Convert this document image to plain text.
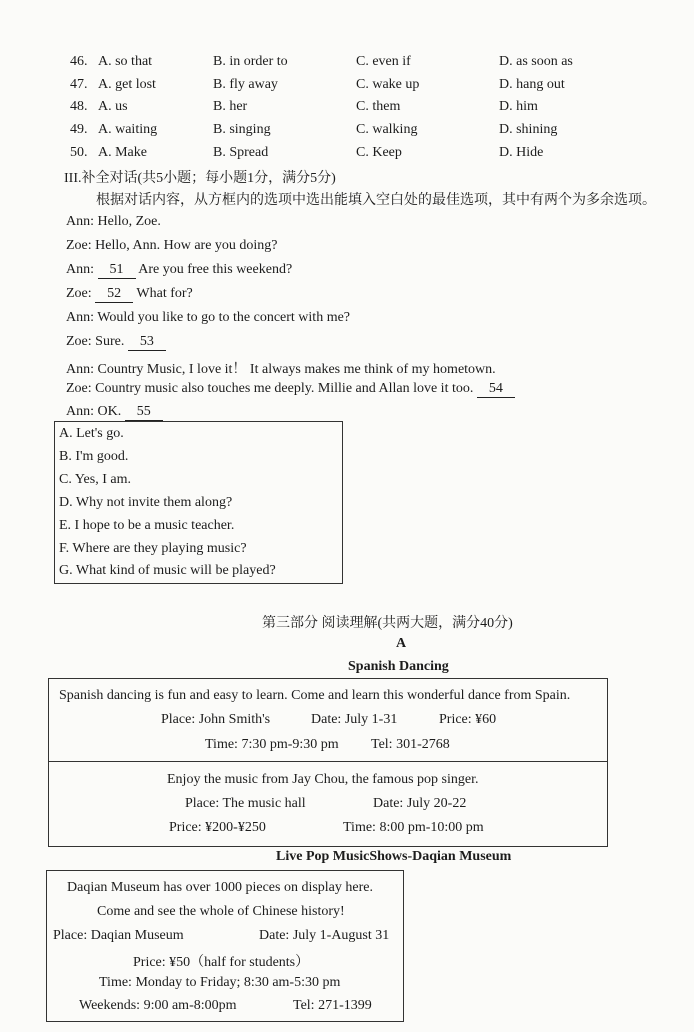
46. A. so that	B. in order to	C. even if	D. as soon as
47. A. get lost	B. fly away	C. wake up	D. hang out
48. A. us	B. her	C. them	D. him
49. A. waiting	B. singing	C. walking	D. shining
50. A. Make	B. Spread	C. Keep	D. Hide
III.补全对话(共5小题；每小题1分，满分5分)
根据对话内容，从方框内的选项中选出能填入空白处的最佳选项，其中有两个为多余选项。
Ann: Hello, Zoe.
Zoe: Hello, Ann. How are you doing?
Ann: 51 Are you free this weekend?
Zoe: 52 What for?
Ann: Would you like to go to the concert with me?
Zoe: Sure. 53
Ann: Country Music, I love it！ It always makes me think of my hometown.
Zoe: Country music also touches me deeply. Millie and Allan love it too. 54
Ann: OK. 55
A. Let's go.
B. I'm good.
C. Yes, I am.
D. Why not invite them along?
E. I hope to be a music teacher.
F. Where are they playing music?
G. What kind of music will be played?
第三部分 阅读理解(共两大题，满分40分)
A
Spanish Dancing
Spanish dancing is fun and easy to learn. Come and learn this wonderful dance from Spain.
Place: John Smith's	Date: July 1-31	Price: ¥60
Time: 7:30 pm-9:30 pm Tel: 301-2768
Enjoy the music from Jay Chou, the famous pop singer.
Place: The music hall	Date: July 20-22
Price: ¥200-¥250	Time: 8:00 pm-10:00 pm
Live Pop MusicShows-Daqian Museum
Daqian Museum has over 1000 pieces on display here.
Come and see the whole of Chinese history!
Place: Daqian Museum	Date: July 1-August 31
Price: ¥50（half for students）
Time: Monday to Friday; 8:30 am-5:30 pm
Weekends: 9:00 am-8:00pm	Tel: 271-1399
